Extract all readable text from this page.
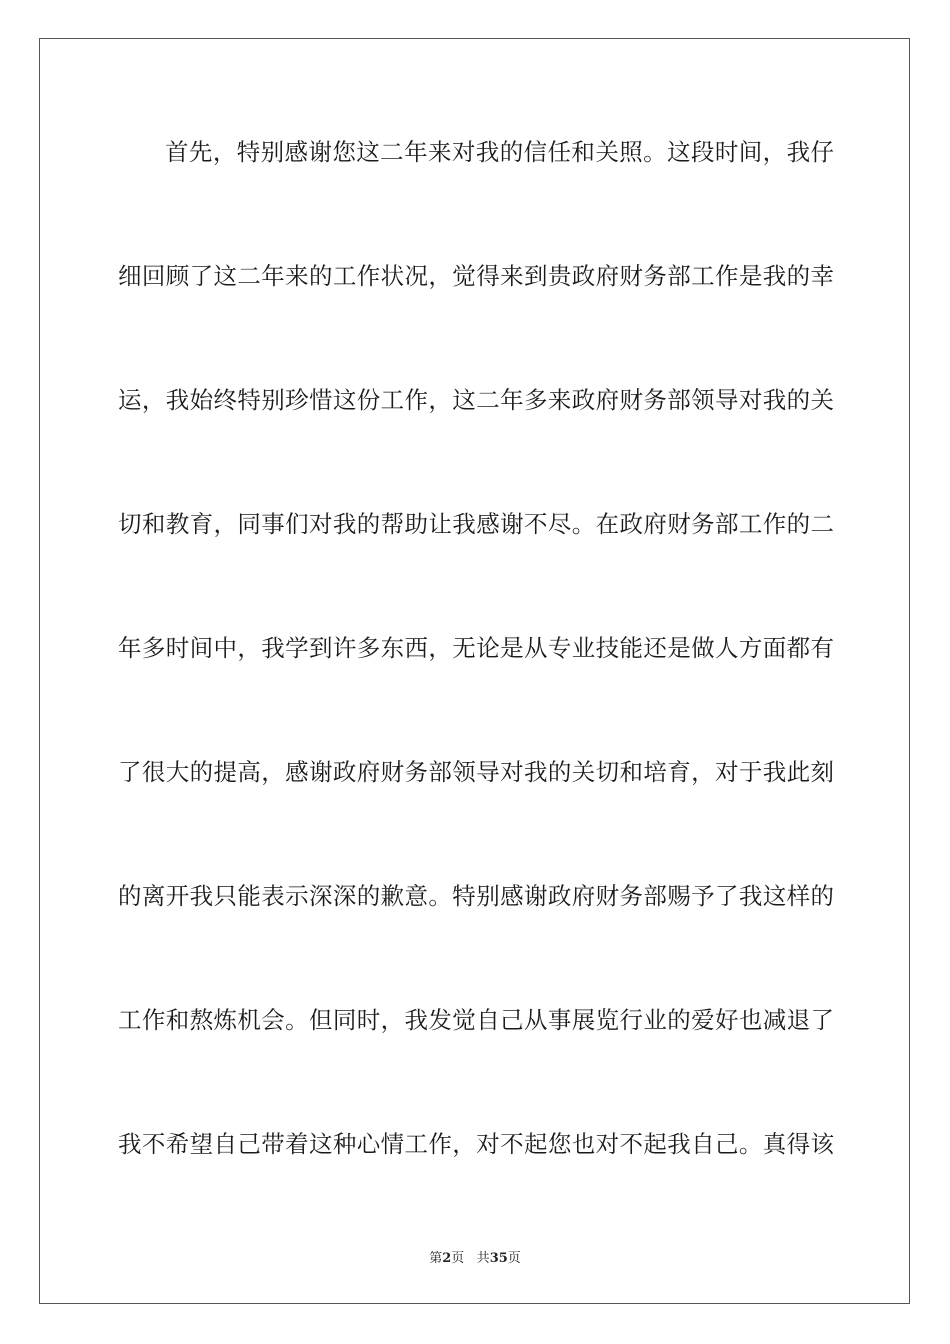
首先，特别感谢您这二年来对我的信任和关照。这段时间，我仔
细回顾了这二年来的工作状况，觉得来到贵政府财务部工作是我的幸
运，我始终特别珍惜这份工作，这二年多来政府财务部领导对我的关
切和教育，同事们对我的帮助让我感谢不尽。在政府财务部工作的二
年多时间中，我学到许多东西，无论是从专业技能还是做人方面都有
了很大的提高，感谢政府财务部领导对我的关切和培育，对于我此刻
的离开我只能表示深深的歉意。特别感谢政府财务部赐予了我这样的
工作和熬炼机会。但同时，我发觉自己从事展览行业的爱好也减退了
我不希望自己带着这种心情工作，对不起您也对不起我自己。真得该
第2页 共35页
